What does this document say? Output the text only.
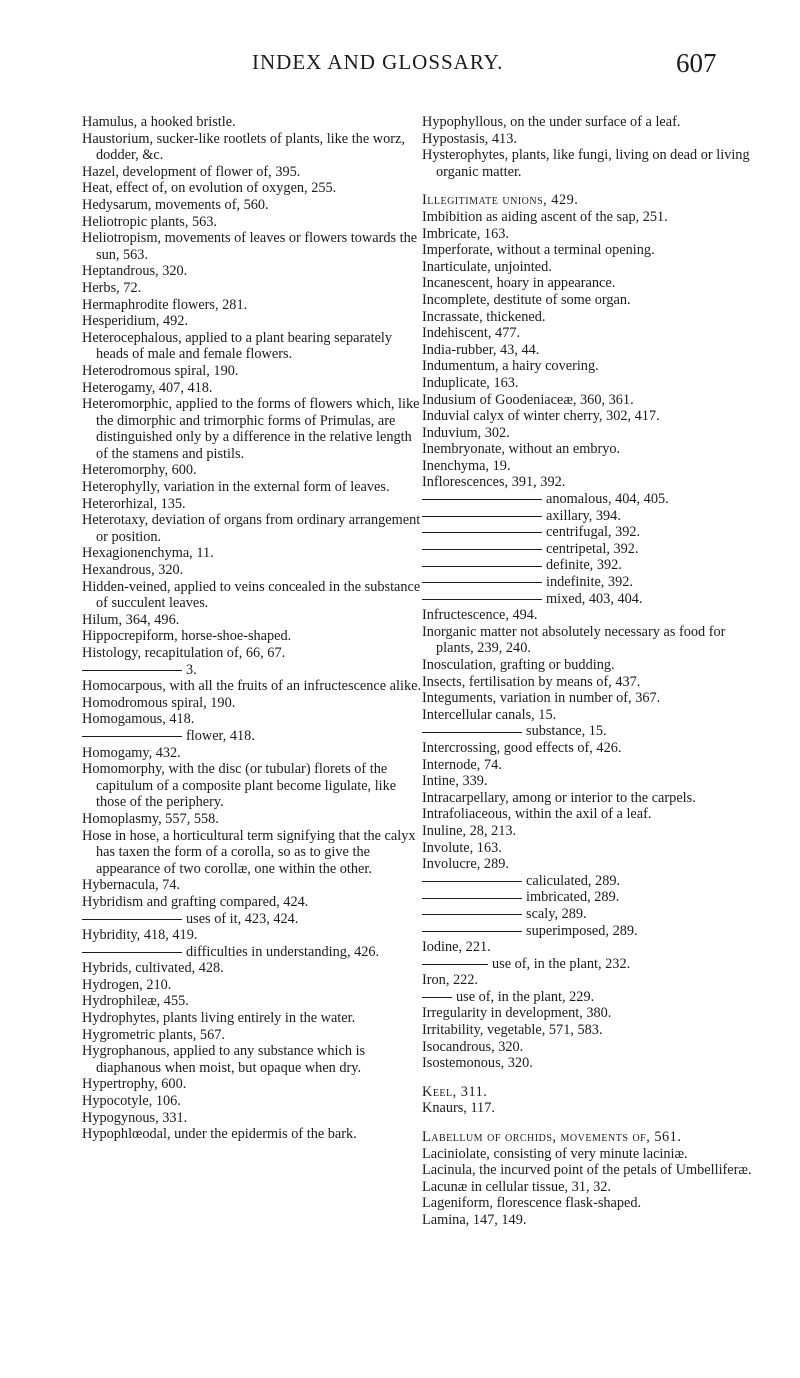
INDEX AND GLOSSARY.	607

Hamulus, a hooked bristle.

Haustorium, sucker-like rootlets of plants, like the worz, dodder, &c.

Hazel, development of flower of, 395.

Heat, effect of, on evolution of oxygen, 255.

Hedysarum, movements of, 560.

Heliotropic plants, 563.

Heliotropism, movements of leaves or flowers towards the sun, 563.

Heptandrous, 320.

Herbs, 72.

Hermaphrodite flowers, 281.

Hesperidium, 492.

Heterocephalous, applied to a plant bearing separately heads of male and female flowers.

Heterodromous spiral, 190.

Heterogamy, 407, 418.

Heteromorphic, applied to the forms of flowers which, like the dimorphic and trimorphic forms of Primulas, are distinguished only by a difference in the relative length of the stamens and pistils.

Heteromorphy, 600.

Heterophylly, variation in the external form of leaves.

Heterorhizal, 135.

Heterotaxy, deviation of organs from ordinary arrangement or position.

Hexagionenchyma, 11.

Hexandrous, 320.

Hidden-veined, applied to veins concealed in the substance of succulent leaves.

Hilum, 364, 496.

Hippocrepiform, horse-shoe-shaped.

Histology, recapitulation of, 66, 67.

3.

Homocarpous, with all the fruits of an infructescence alike.

Homodromous spiral, 190.

Homogamous, 418.

flower, 418.

Homogamy, 432.

Homomorphy, with the disc (or tubular) florets of the capitulum of a composite plant become ligulate, like those of the periphery.

Homoplasmy, 557, 558.

Hose in hose, a horticultural term signifying that the calyx has taxen the form of a corolla, so as to give the appearance of two corollæ, one within the other.

Hybernacula, 74.

Hybridism and grafting compared, 424.

uses of it, 423, 424.

Hybridity, 418, 419.

difficulties in understanding, 426.

Hybrids, cultivated, 428.

Hydrogen, 210.

Hydrophileæ, 455.

Hydrophytes, plants living entirely in the water.

Hygrometric plants, 567.

Hygrophanous, applied to any substance which is diaphanous when moist, but opaque when dry.

Hypertrophy, 600.

Hypocotyle, 106.

Hypogynous, 331.

Hypophlœodal, under the epidermis of the bark.

Hypophyllous, on the under surface of a leaf.

Hypostasis, 413.

Hysterophytes, plants, like fungi, living on dead or living organic matter.

Illegitimate unions, 429.

Imbibition as aiding ascent of the sap, 251.

Imbricate, 163.

Imperforate, without a terminal opening.

Inarticulate, unjointed.

Incanescent, hoary in appearance.

Incomplete, destitute of some organ.

Incrassate, thickened.

Indehiscent, 477.

India-rubber, 43, 44.

Indumentum, a hairy covering.

Induplicate, 163.

Indusium of Goodeniaceæ, 360, 361.

Induvial calyx of winter cherry, 302, 417.

Induvium, 302.

Inembryonate, without an embryo.

Inenchyma, 19.

Inflorescences, 391, 392.

anomalous, 404, 405.

axillary, 394.

centrifugal, 392.

centripetal, 392.

definite, 392.

indefinite, 392.

mixed, 403, 404.

Infructescence, 494.

Inorganic matter not absolutely necessary as food for plants, 239, 240.

Inosculation, grafting or budding.

Insects, fertilisation by means of, 437.

Integuments, variation in number of, 367.

Intercellular canals, 15.

substance, 15.

Intercrossing, good effects of, 426.

Internode, 74.

Intine, 339.

Intracarpellary, among or interior to the carpels.

Intrafoliaceous, within the axil of a leaf.

Inuline, 28, 213.

Involute, 163.

Involucre, 289.

caliculated, 289.

imbricated, 289.

scaly, 289.

superimposed, 289.

Iodine, 221.

use of, in the plant, 232.

Iron, 222.

use of, in the plant, 229.

Irregularity in development, 380.

Irritability, vegetable, 571, 583.

Isocandrous, 320.

Isostemonous, 320.

Keel, 311.

Knaurs, 117.

Labellum of orchids, movements of, 561.

Laciniolate, consisting of very minute laciniæ.

Lacinula, the incurved point of the petals of Umbelliferæ.

Lacunæ in cellular tissue, 31, 32.

Lageniform, florescence flask-shaped.

Lamina, 147, 149.
